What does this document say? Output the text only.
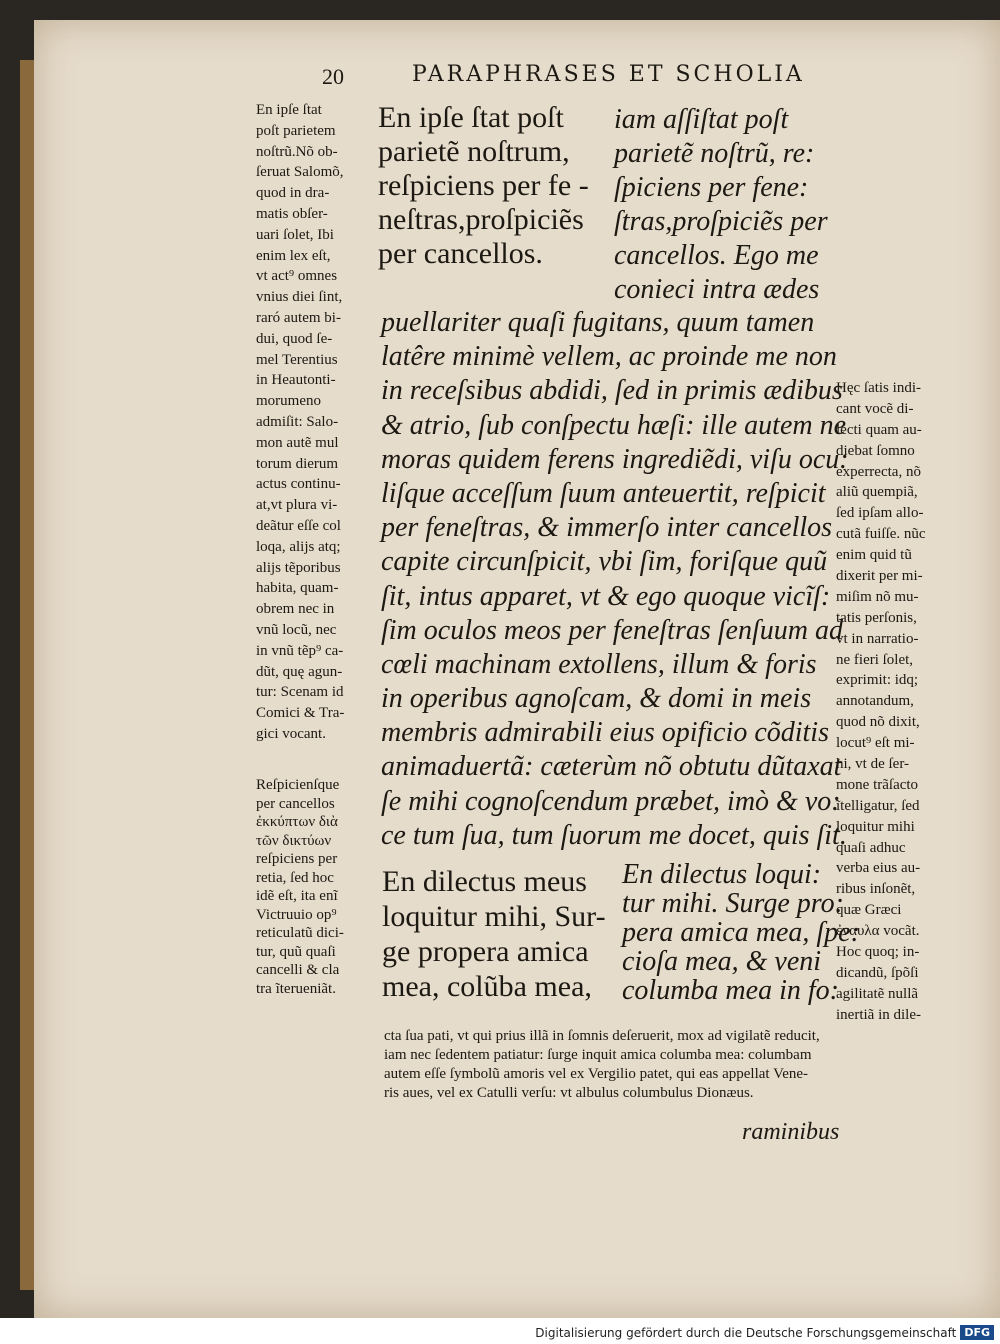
20	PARAPHRASES ET SCHOLIA
En ipſe ſtat
poſt parietem
noſtrũ.Nõ ob-
ſeruat Salomõ,
quod in dra-
matis obſer-
uari ſolet, Ibi
enim lex eſt,
vt act⁹ omnes
vnius diei ſint,
raró autem bi-
dui, quod ſe-
mel Terentius
in Heautonti-
morumeno
admiſit: Salo-
mon autẽ mul
torum dierum
actus continu-
at,vt plura vi-
deãtur eſſe col
loqa, alijs atq;
alijs tẽporibus
habita, quam-
obrem nec in
vnũ locũ, nec
in vnũ tẽp⁹ ca-
dũt, quę agun-
tur: Scenam id
Comici & Tra-
gici vocant.
Reſpicienſque
per cancellos
ἐκκύπτων διὰ
τῶν δικτύων
reſpiciens per
retia, ſed hoc
idẽ eſt, ita enĩ
Victruuio op⁹
reticulatũ dici-
tur, quũ quaſi
cancelli & cla
tra ĩterueniãt.
En ipſe ſtat poſt
parietẽ noſtrum,
reſpiciens per fe -
neſtras,proſpiciẽs
per cancellos.
iam aſſiſtat poſt
parietẽ noſtrũ, re:
ſpiciens per fene:
ſtras,proſpiciẽs per
cancellos. Ego me
conieci intra ædes
puellariter quaſi fugitans, quum tamen
latêre minimè vellem, ac proinde me non
in receſsibus abdidi, ſed in primis ædibus
& atrio, ſub conſpectu hæſi: ille autem ne
moras quidem ferens ingrediẽdi, viſu ocu:
liſque acceſſum ſuum anteuertit, reſpicit
per feneſtras, & immerſo inter cancellos
capite circunſpicit, vbi ſim, foriſque quũ
ſit, intus apparet, vt & ego quoque vicĩſ:
ſim oculos meos per feneſtras ſenſuum ad
cœli machinam extollens, illum & foris
in operibus agnoſcam, & domi in meis
membris admirabili eius opificio cõditis
animaduertã: cæterùm nõ obtutu dũtaxat
ſe mihi cognoſcendum præbet, imò & vo:
ce tum ſua, tum ſuorum me docet, quis ſit.
Hęc ſatis indi-
cant vocẽ di-
lecti quam au-
diebat ſomno
experrecta, nõ
aliũ quempiã,
ſed ipſam allo-
cutã fuiſſe. nũc
enim quid tũ
dixerit per mi-
miſim nõ mu-
tatis perſonis,
vt in narratio-
ne fieri ſolet,
exprimit: idq;
annotandum,
quod nõ dixit,
locut⁹ eſt mi-
hi, vt de ſer-
mone trãſacto
ĩtelligatur, ſed
loquitur mihi
quaſi adhuc
verba eius au-
ribus inſonẽt,
quæ Græci
ἐναυλα vocãt.
Hoc quoq; in-
dicandũ, ſpõſi
agilitatẽ nullã
inertiã in dile-
En dilectus meus
loquitur mihi, Sur-
ge propera amica
mea, colũba mea,
En dilectus loqui:
tur mihi. Surge pro:
pera amica mea, ſpe:
cioſa mea, & veni
columba mea in fo:
cta ſua pati, vt qui prius illã in ſomnis deſeruerit, mox ad vigilatẽ reducit,
iam nec ſedentem patiatur: ſurge inquit amica columba mea: columbam
autem eſſe ſymbolũ amoris vel ex Vergilio patet, qui eas appellat Vene-
ris aues, vel ex Catulli verſu: vt albulus columbulus Dionæus.
raminibus
Digitalisierung gefördert durch die Deutsche Forschungsgemeinschaft DFG
